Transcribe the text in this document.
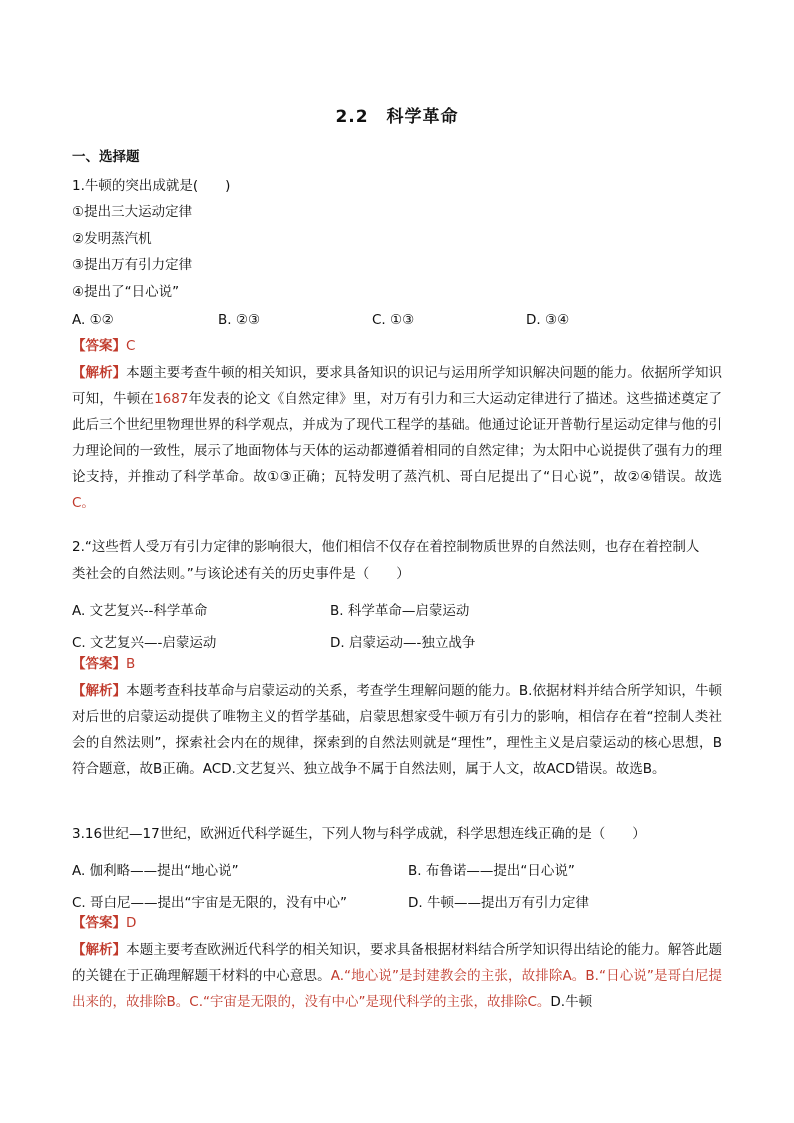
2.2　科学革命
一、选择题
1.牛顿的突出成就是(　　)
①提出三大运动定律
②发明蒸汽机
③提出万有引力定律
④提出了“日心说”
A. ①②	B. ②③	C. ①③	D. ③④
【答案】C
【解析】本题主要考查牛顿的相关知识，要求具备知识的识记与运用所学知识解决问题的能力。依据所学知识可知，牛顿在1687年发表的论文《自然定律》里，对万有引力和三大运动定律进行了描述。这些描述奠定了此后三个世纪里物理世界的科学观点，并成为了现代工程学的基础。他通过论证开普勒行星运动定律与他的引力理论间的一致性，展示了地面物体与天体的运动都遵循着相同的自然定律；为太阳中心说提供了强有力的理论支持，并推动了科学革命。故①③正确；瓦特发明了蒸汽机、哥白尼提出了“日心说”，故②④错误。故选C。
2.“这些哲人受万有引力定律的影响很大，他们相信不仅存在着控制物质世界的自然法则，也存在着控制人
类社会的自然法则。”与该论述有关的历史事件是（　　）
A. 文艺复兴--科学革命	B. 科学革命—启蒙运动
C. 文艺复兴—-启蒙运动	D. 启蒙运动—-独立战争
【答案】B
【解析】本题考查科技革命与启蒙运动的关系，考查学生理解问题的能力。B.依据材料并结合所学知识，牛顿对后世的启蒙运动提供了唯物主义的哲学基础，启蒙思想家受牛顿万有引力的影响，相信存在着“控制人类社会的自然法则”，探索社会内在的规律，探索到的自然法则就是“理性”，理性主义是启蒙运动的核心思想，B符合题意，故B正确。ACD.文艺复兴、独立战争不属于自然法则，属于人文，故ACD错误。故选B。
3.16世纪—17世纪，欧洲近代科学诞生，下列人物与科学成就，科学思想连线正确的是（　　）
A. 伽利略——提出“地心说”	B. 布鲁诺——提出“日心说”
C. 哥白尼——提出“宇宙是无限的，没有中心”	D. 牛顿——提出万有引力定律
【答案】D
【解析】本题主要考查欧洲近代科学的相关知识，要求具备根据材料结合所学知识得出结论的能力。解答此题的关键在于正确理解题干材料的中心意思。A.“地心说”是封建教会的主张，故排除A。B.“日心说”是哥白尼提出来的，故排除B。C.“宇宙是无限的，没有中心”是现代科学的主张，故排除C。D.牛顿
